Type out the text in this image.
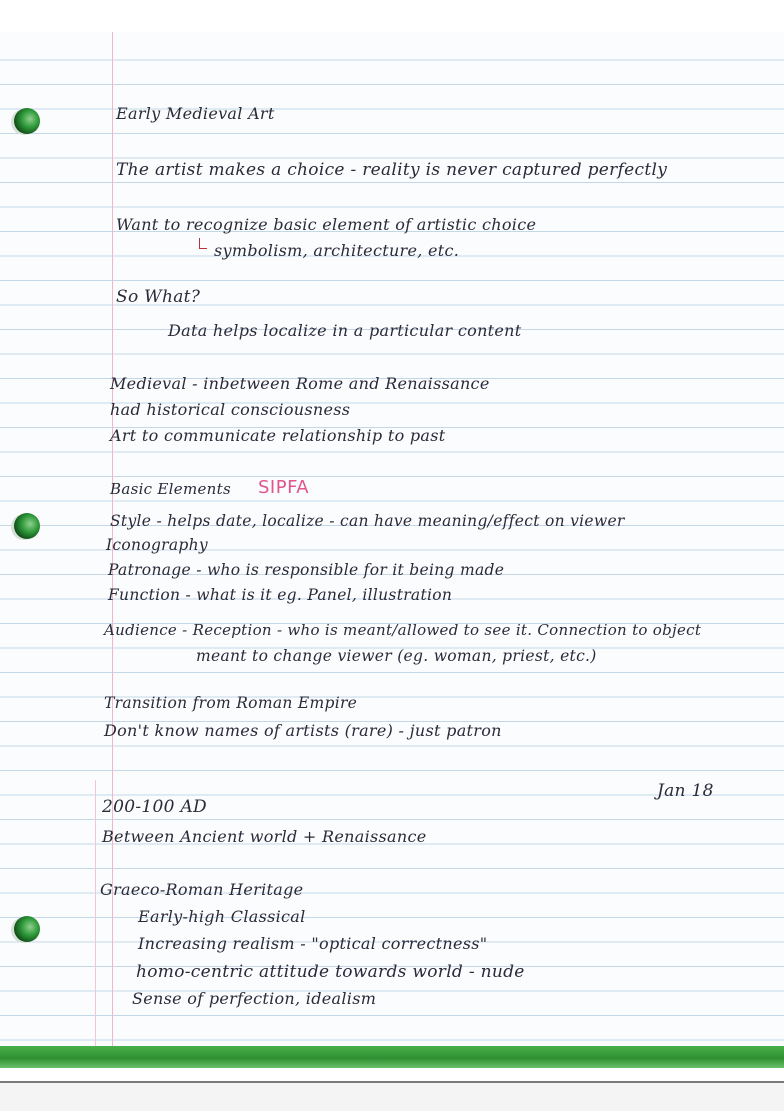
Early Medieval Art
The artist makes a choice - reality is never captured perfectly
Want to recognize basic element of artistic choice
symbolism, architecture, etc.
So What?
Data helps localize in a particular content
Medieval - inbetween Rome and Renaissance
had historical consciousness
Art to communicate relationship to past
Basic Elements SIPFA
Style - helps date, localize - can have meaning/effect on viewer
Iconography
Patronage - who is responsible for it being made
Function - what is it eg. Panel, illustration
Audience - Reception - who is meant/allowed to see it. Connection to object
meant to change viewer (eg. woman, priest, etc.)
Transition from Roman Empire
Don't know names of artists (rare) - just patron
Jan 18
200-100 AD
Between Ancient world + Renaissance
Graeco-Roman Heritage
Early-high Classical
Increasing realism - "optical correctness"
homo-centric attitude towards world - nude
Sense of perfection, idealism
